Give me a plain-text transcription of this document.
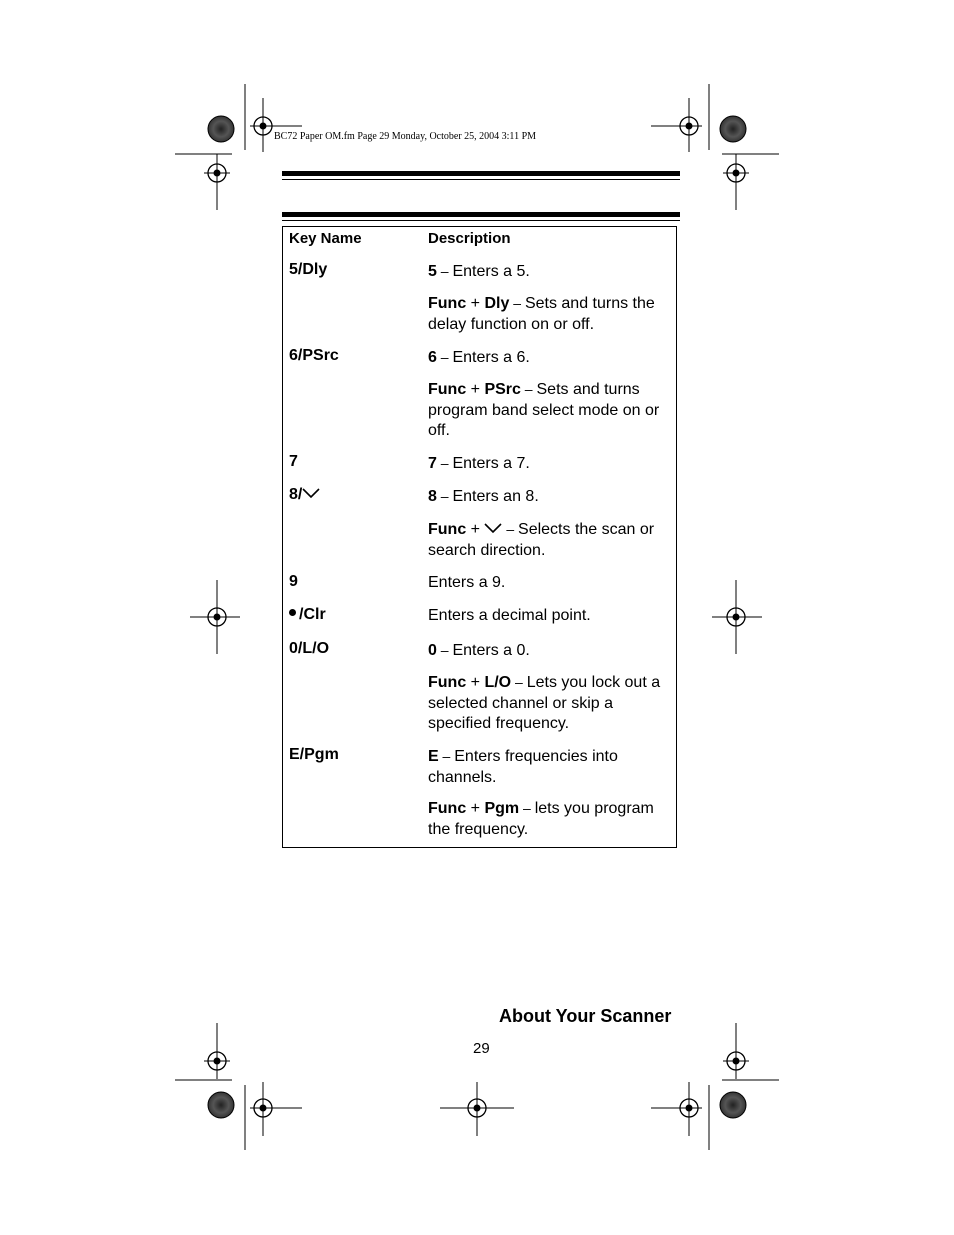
BC72 Paper OM.fm Page 29 Monday, October 25, 2004 3:11 PM
Key Name	Description
5/Dly	5 – Enters a 5.
Func + Dly – Sets and turns the delay function on or off.
6/PSrc	6 – Enters a 6.
Func + PSrc – Sets and turns program band select mode on or off.
7	7 – Enters a 7.
8/	8 – Enters an 8.
Func +  – Selects the scan or search direction.
9	Enters a 9.
/Clr	Enters a decimal point.
0/L/O	0 – Enters a 0.
Func + L/O – Lets you lock out a selected channel or skip a specified frequency.
E/Pgm	E – Enters frequencies into channels.
Func + Pgm – lets you program the frequency.
About Your Scanner
29
